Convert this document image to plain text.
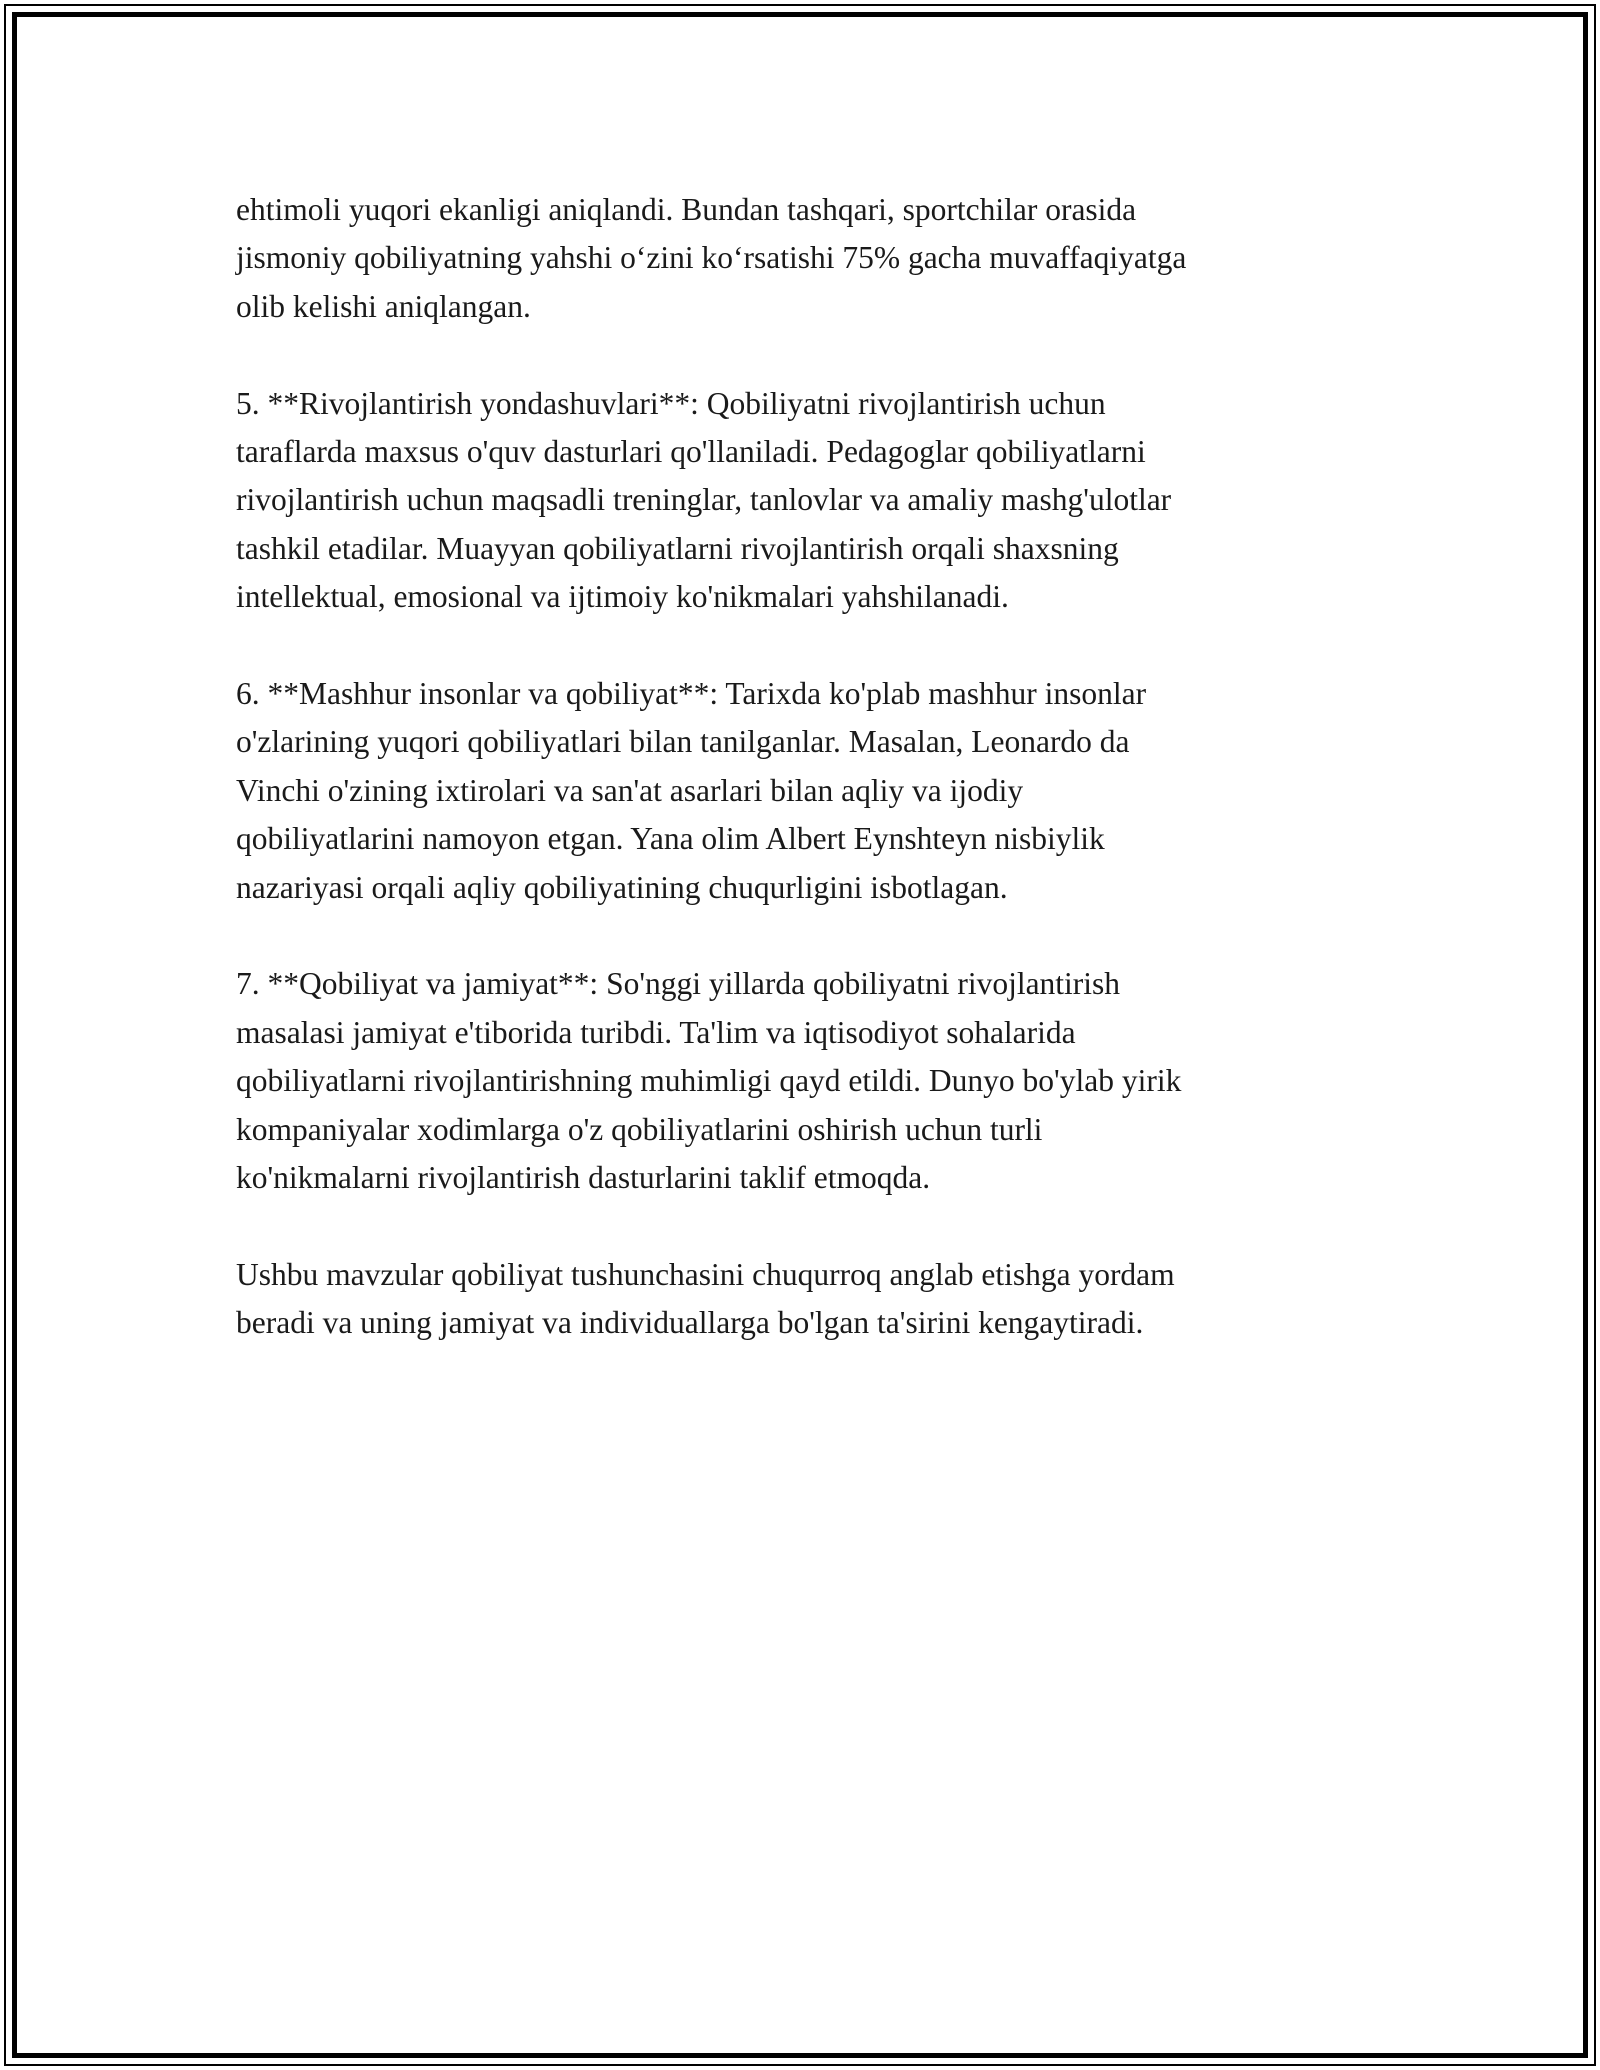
ehtimoli yuqori ekanligi aniqlandi. Bundan tashqari, sportchilar orasida
jismoniy qobiliyatning yahshi o‘zini ko‘rsatishi 75% gacha muvaffaqiyatga
olib kelishi aniqlangan.

5. **Rivojlantirish yondashuvlari**: Qobiliyatni rivojlantirish uchun
taraflarda maxsus o'quv dasturlari qo'llaniladi. Pedagoglar qobiliyatlarni
rivojlantirish uchun maqsadli treninglar, tanlovlar va amaliy mashg'ulotlar
tashkil etadilar. Muayyan qobiliyatlarni rivojlantirish orqali shaxsning
intellektual, emosional va ijtimoiy ko'nikmalari yahshilanadi.

6. **Mashhur insonlar va qobiliyat**: Tarixda ko'plab mashhur insonlar
o'zlarining yuqori qobiliyatlari bilan tanilganlar. Masalan, Leonardo da
Vinchi o'zining ixtirolari va san'at asarlari bilan aqliy va ijodiy
qobiliyatlarini namoyon etgan. Yana olim Albert Eynshteyn nisbiylik
nazariyasi orqali aqliy qobiliyatining chuqurligini isbotlagan.

7. **Qobiliyat va jamiyat**: So'nggi yillarda qobiliyatni rivojlantirish
masalasi jamiyat e'tiborida turibdi. Ta'lim va iqtisodiyot sohalarida
qobiliyatlarni rivojlantirishning muhimligi qayd etildi. Dunyo bo'ylab yirik
kompaniyalar xodimlarga o'z qobiliyatlarini oshirish uchun turli
ko'nikmalarni rivojlantirish dasturlarini taklif etmoqda.

Ushbu mavzular qobiliyat tushunchasini chuqurroq anglab etishga yordam
beradi va uning jamiyat va individuallarga bo'lgan ta'sirini kengaytiradi.
